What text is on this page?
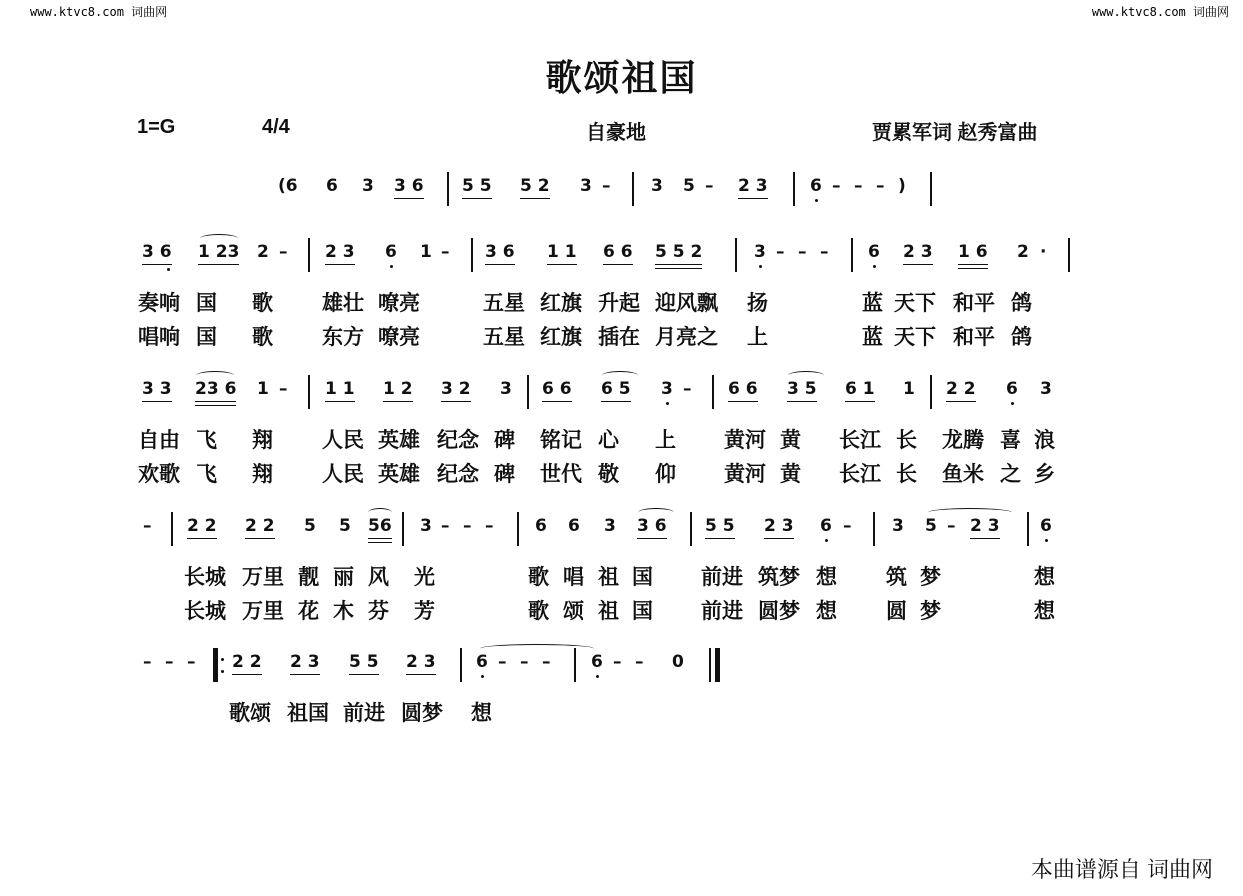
www.ktvc8.com 词曲网	www.ktvc8.com 词曲网
歌颂祖国
1=G	4/4	自豪地	贾累军词 赵秀富曲
(6 6 3 3 6 5 5 5 2 3 – 3 5 – 2 3 6 – – – )
3 6 1 23 2 – 2 3 6 1 – 3 6 1 1 6 6 5 5 2	3 – – – 6 2 3 1 6 2 ·
奏响 国 歌 雄壮 嘹亮	五星 红旗 升起 迎风飘 扬	蓝 天下 和平 鸽
唱响 国 歌 东方 嘹亮	五星 红旗 插在 月亮之 上	蓝 天下 和平 鸽
3 3 23 6 1 – 1 1 1 2 3 2 3 6 6 6 5 3 – 6 6 3 5 6 1 1 2 2 6 3
自由 飞 翔 人民 英雄 纪念 碑 铭记 心 上 黄河 黄 长江 长 龙腾 喜 浪
欢歌 飞 翔 人民 英雄 纪念 碑 世代 敬 仰 黄河 黄 长江 长 鱼米 之 乡
– 2 2 2 2 5 5 56 3 – – – 6 6 3 3 6 5 5 2 3 6 – 3 5 – 2 3 6
长城 万里 靓 丽 风 光	歌 唱 祖 国 前进 筑梦 想 筑 梦	想
长城 万里 花 木 芬 芳	歌 颂 祖 国 前进 圆梦 想 圆 梦	想
– – – 2 2 2 3 5 5 2 3 6 – – – 6 – – 0
歌颂 祖国 前进 圆梦 想
本曲谱源自 词曲网
